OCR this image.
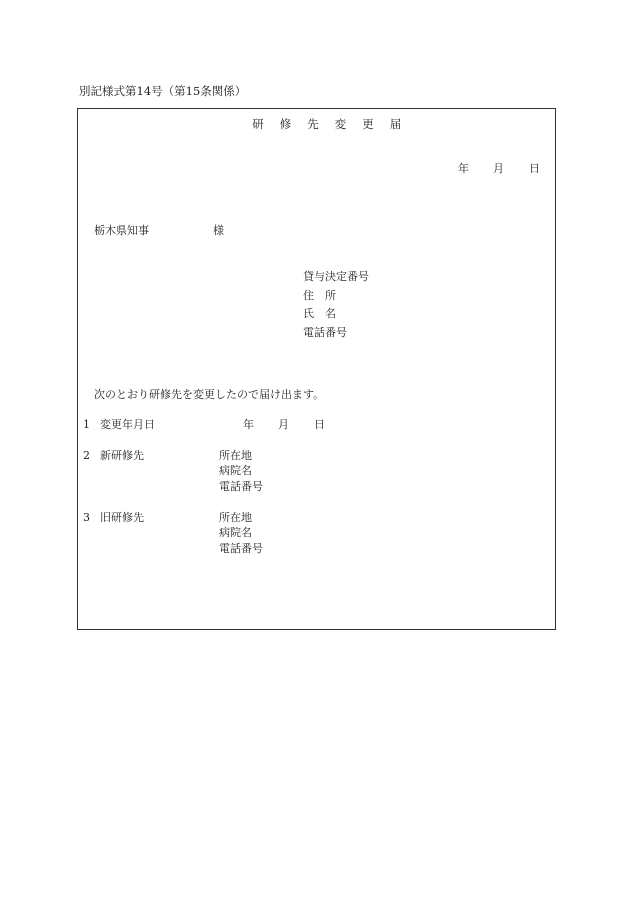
別記様式第14号（第15条関係）
研 修 先 変 更 届
年 月 日
栃木県知事	様
貸与決定番号
住　所
氏　名
電話番号
次のとおり研修先を変更したので届け出ます。
1 変更年月日	年 月 日
2 新研修先	所在地
病院名
電話番号
3 旧研修先	所在地
病院名
電話番号
